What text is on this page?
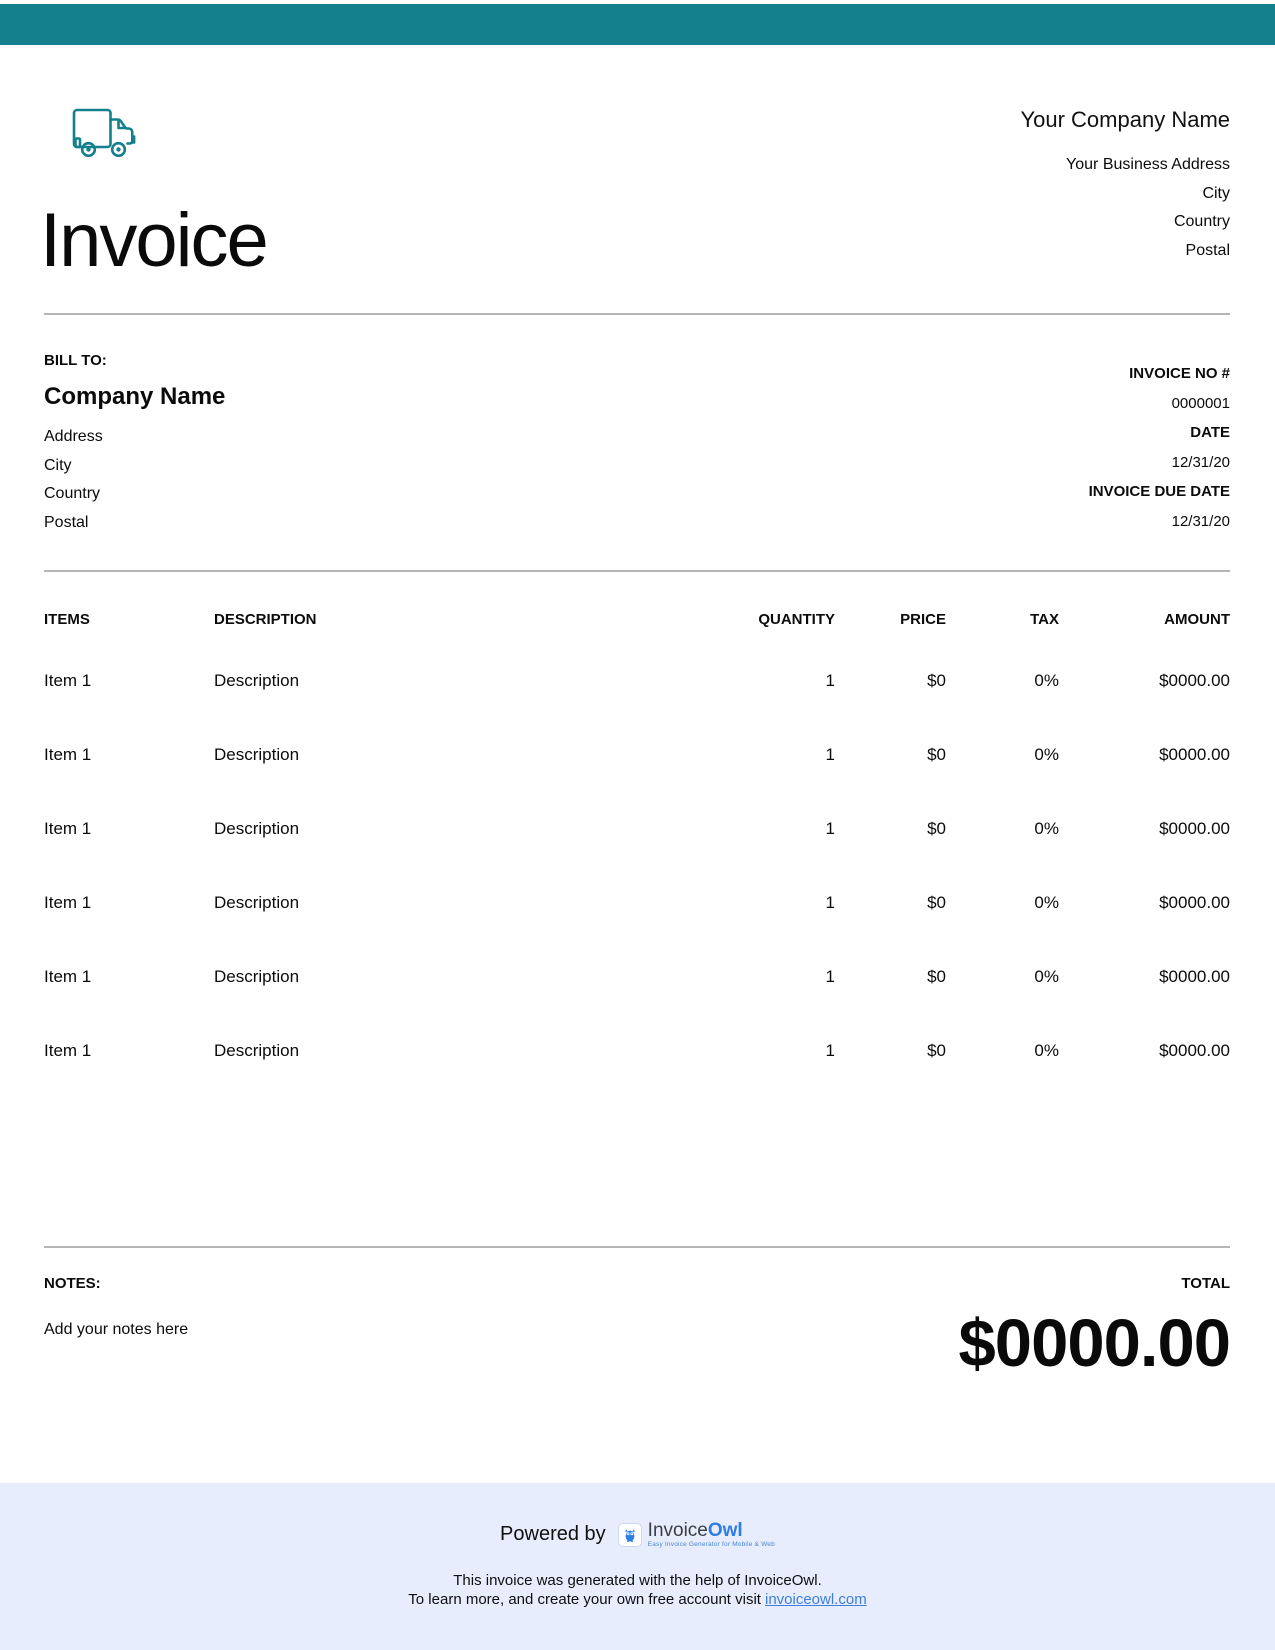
Invoice
Your Company Name
Your Business Address
City
Country
Postal
BILL TO:
Company Name
Address
City
Country
Postal
INVOICE NO #
0000001
DATE
12/31/20
INVOICE DUE DATE
12/31/20
ITEMS	DESCRIPTION	QUANTITY	PRICE	TAX	AMOUNT
Item 1	Description	1	$0	0%	$0000.00
Item 1	Description	1	$0	0%	$0000.00
Item 1	Description	1	$0	0%	$0000.00
Item 1	Description	1	$0	0%	$0000.00
Item 1	Description	1	$0	0%	$0000.00
Item 1	Description	1	$0	0%	$0000.00
NOTES:
Add your notes here
TOTAL
$0000.00
Powered by InvoiceOwl
Easy Invoice Generator for Mobile & Web
This invoice was generated with the help of InvoiceOwl.
To learn more, and create your own free account visit invoiceowl.com
